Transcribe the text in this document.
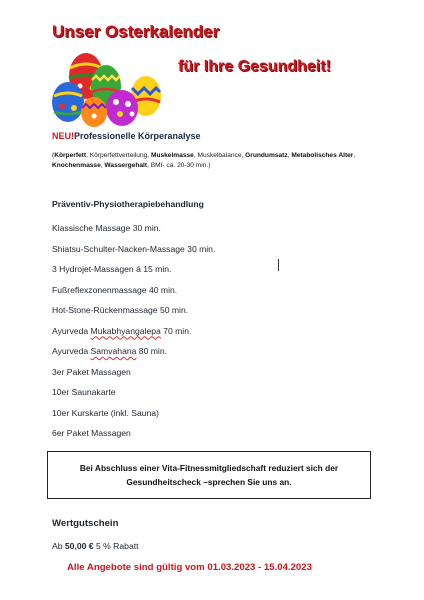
Unser Osterkalender
für Ihre Gesundheit!
NEU!Professionelle Körperanalyse
(Körperfett, Körperfettverteilung, Muskelmasse, Muskelbalance, Grundumsatz, Metabolisches Alter, Knochenmasse, Wassergehalt, BMI- ca. 20-30 min.)
Präventiv-Physiotherapiebehandlung
Klassische Massage 30 min.
Shiatsu-Schulter-Nacken-Massage 30 min.
3 Hydrojet-Massagen á 15 min.
Fußreflexzonenmassage 40 min.
Hot-Stone-Rückenmassage 50 min.
Ayurveda Mukabhyangalepa 70 min.
Ayurveda Samvahana 80 min.
3er Paket Massagen
10er Saunakarte
10er Kurskarte (inkl. Sauna)
6er Paket Massagen
Bei Abschluss einer Vita-Fitnessmitgliedschaft reduziert sich der Gesundheitscheck –sprechen Sie uns an.
Wertgutschein
Ab 50,00 € 5 % Rabatt
Alle Angebote sind gültig vom 01.03.2023 - 15.04.2023
